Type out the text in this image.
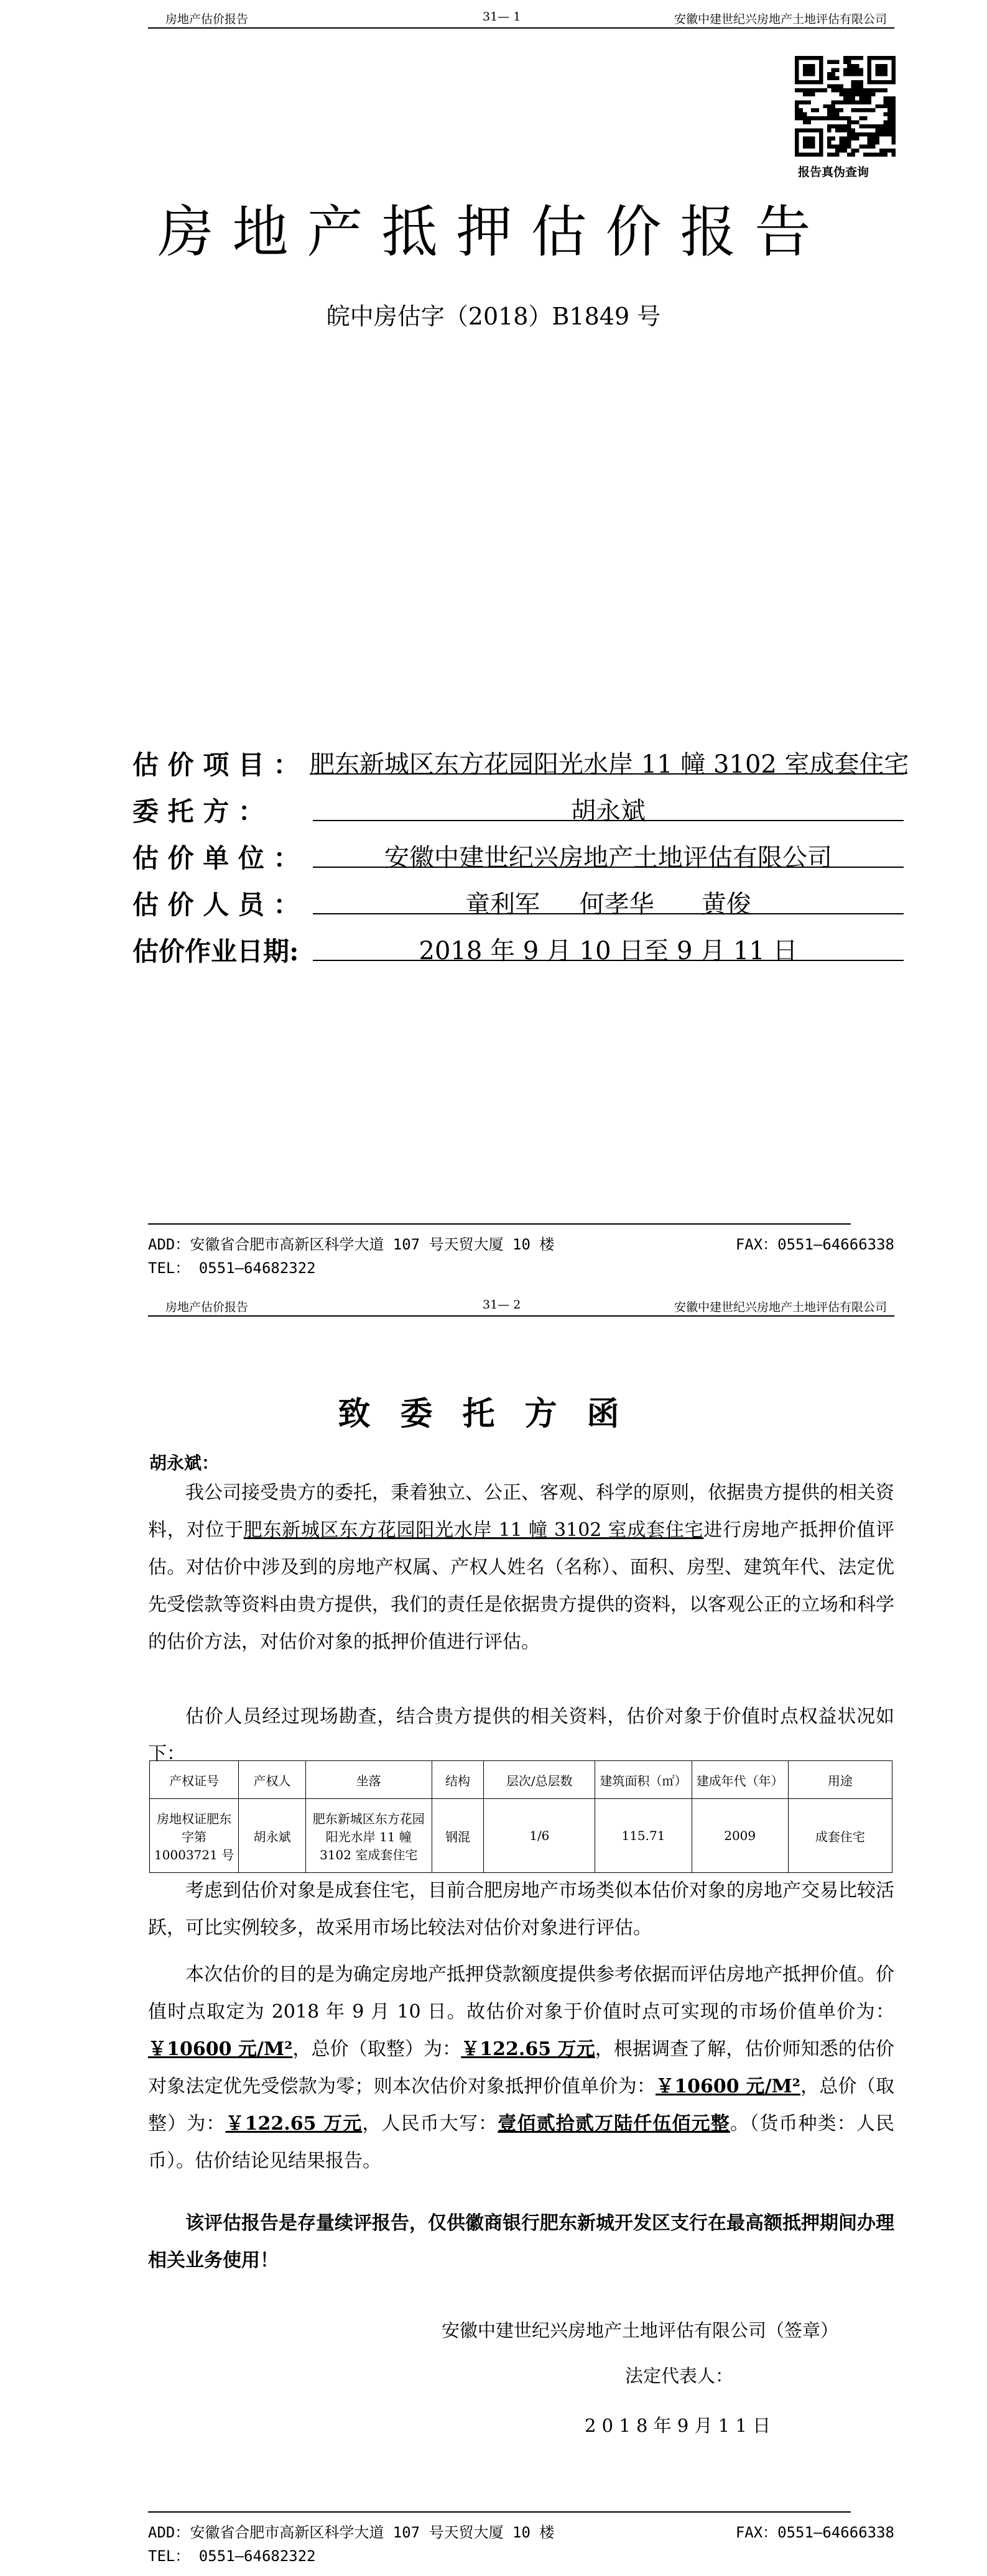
房地产估价报告	31— 1	安徽中建世纪兴房地产土地评估有限公司
报告真伪查询
房地产抵押估价报告
皖中房估字（2018）B1849 号
估 价 项 目 ： 肥东新城区东方花园阳光水岸 11 幢 3102 室成套住宅
委 托 方 ：	胡永斌
估 价 单 位 ：	安徽中建世纪兴房地产土地评估有限公司
估 价 人 员 ：	童利军     何孝华      黄俊
估价作业日期:	2018 年 9 月 10 日至 9 月 11 日
ADD：安徽省合肥市高新区科学大道 107 号天贸大厦 10 楼	FAX：0551—64666338
TEL： 0551—64682322
房地产估价报告	31— 2	安徽中建世纪兴房地产土地评估有限公司
致委托方函
胡永斌：

我公司接受贵方的委托，秉着独立、公正、客观、科学的原则，依据贵方提供的相关资料，对位于肥东新城区东方花园阳光水岸 11 幢 3102 室成套住宅进行房地产抵押价值评估。对估价中涉及到的房地产权属、产权人姓名（名称）、面积、房型、建筑年代、法定优先受偿款等资料由贵方提供，我们的责任是依据贵方提供的资料，以客观公正的立场和科学的估价方法，对估价对象的抵押价值进行评估。

估价人员经过现场勘查，结合贵方提供的相关资料，估价对象于价值时点权益状况如下：

产权证号	产权人	坐落	结构	层次/总层数	建筑面积（㎡）	建成年代（年）	用途
房地权证肥东字第 10003721 号	胡永斌	肥东新城区东方花园阳光水岸 11 幢 3102 室成套住宅	钢混	1/6	115.71	2009	成套住宅

考虑到估价对象是成套住宅，目前合肥房地产市场类似本估价对象的房地产交易比较活跃，可比实例较多，故采用市场比较法对估价对象进行评估。

本次估价的目的是为确定房地产抵押贷款额度提供参考依据而评估房地产抵押价值。价值时点取定为 2018 年 9 月 10 日。故估价对象于价值时点可实现的市场价值单价为：￥10600 元/M²，总价（取整）为：￥122.65 万元，根据调查了解，估价师知悉的估价对象法定优先受偿款为零；则本次估价对象抵押价值单价为：￥10600 元/M²，总价（取整）为：￥122.65 万元，人民币大写：壹佰贰拾贰万陆仟伍佰元整。（货币种类：人民币）。估价结论见结果报告。

该评估报告是存量续评报告，仅供徽商银行肥东新城开发区支行在最高额抵押期间办理相关业务使用！

安徽中建世纪兴房地产土地评估有限公司（签章）
法定代表人：
2 0 1 8 年 9 月 1 1 日
ADD：安徽省合肥市高新区科学大道 107 号天贸大厦 10 楼	FAX：0551—64666338
TEL： 0551—64682322
